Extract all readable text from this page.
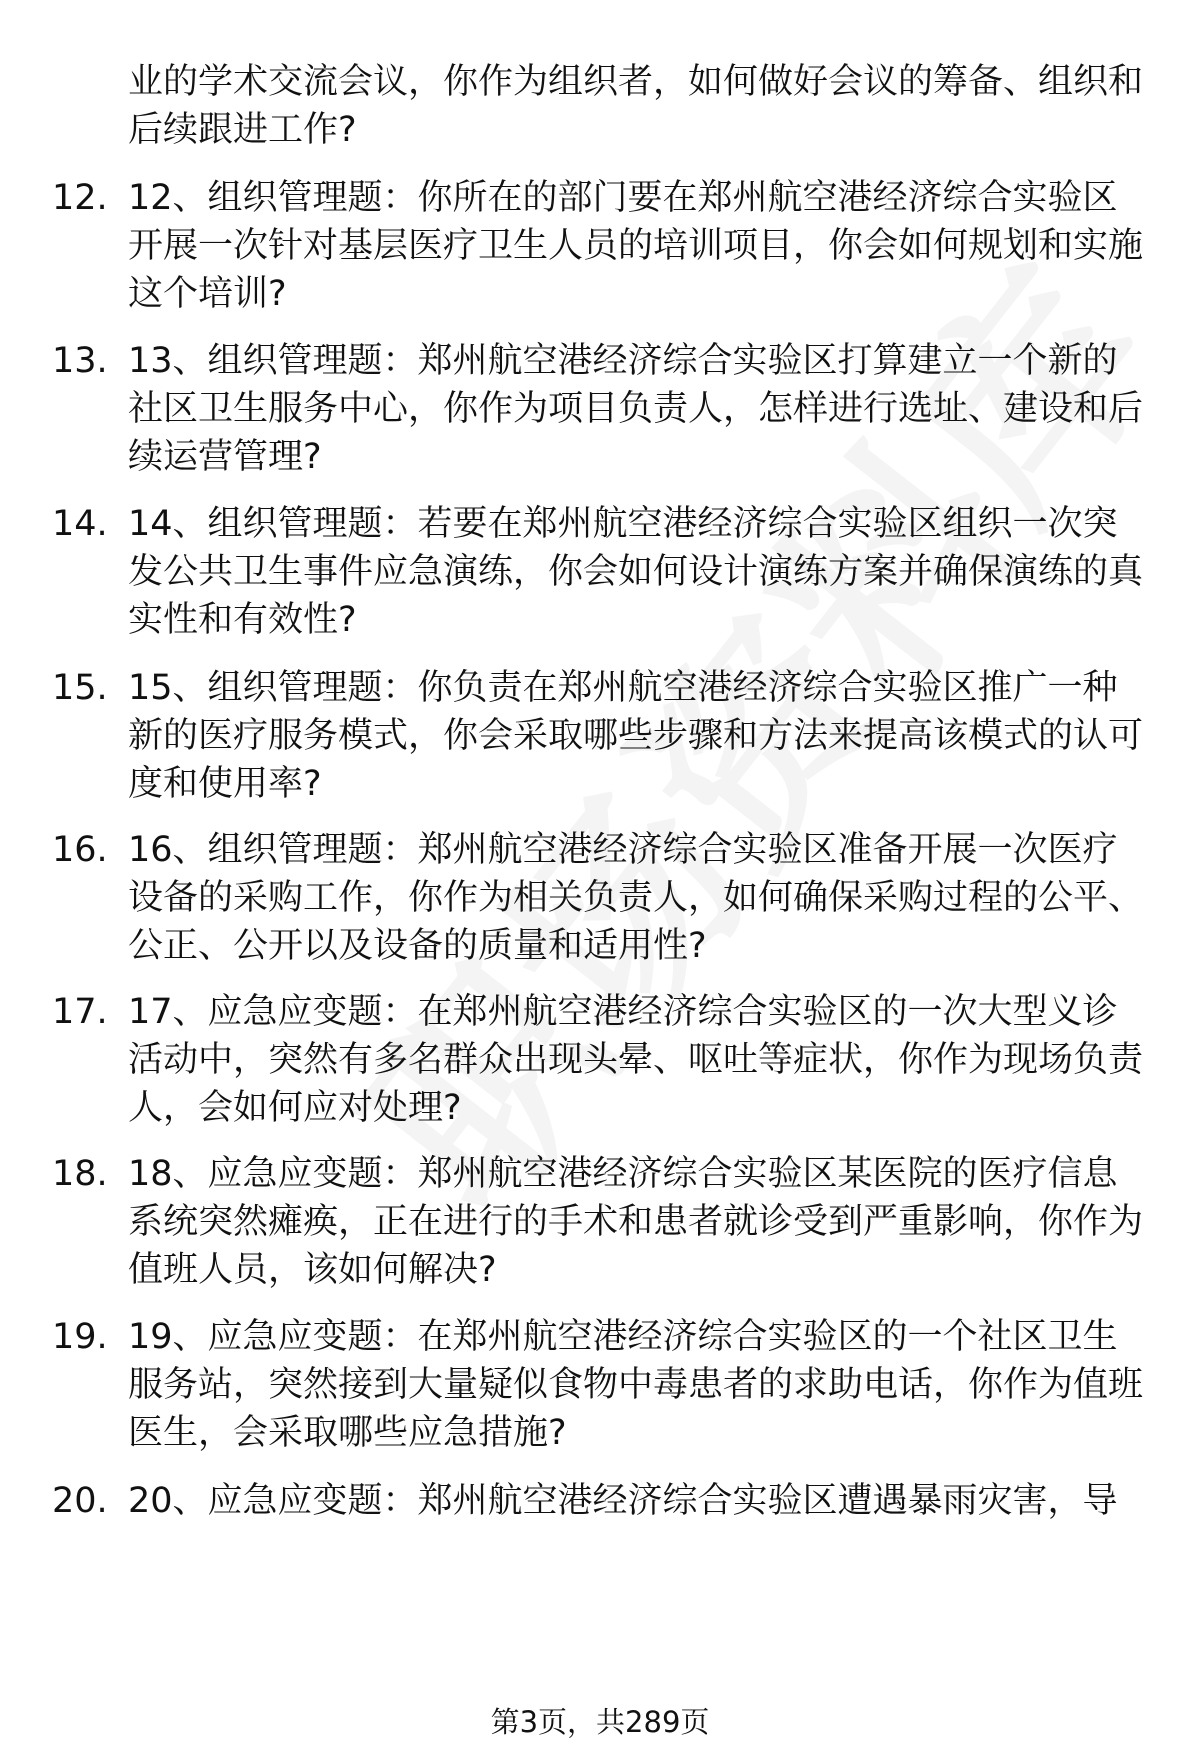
业的学术交流会议，你作为组织者，如何做好会议的筹备、组织和后续跟进工作?

12. 12、组织管理题：你所在的部门要在郑州航空港经济综合实验区开展一次针对基层医疗卫生人员的培训项目，你会如何规划和实施这个培训?

13. 13、组织管理题：郑州航空港经济综合实验区打算建立一个新的社区卫生服务中心，你作为项目负责人，怎样进行选址、建设和后续运营管理?

14. 14、组织管理题：若要在郑州航空港经济综合实验区组织一次突发公共卫生事件应急演练，你会如何设计演练方案并确保演练的真实性和有效性?

15. 15、组织管理题：你负责在郑州航空港经济综合实验区推广一种新的医疗服务模式，你会采取哪些步骤和方法来提高该模式的认可度和使用率?

16. 16、组织管理题：郑州航空港经济综合实验区准备开展一次医疗设备的采购工作，你作为相关负责人，如何确保采购过程的公平、公正、公开以及设备的质量和适用性?

17. 17、应急应变题：在郑州航空港经济综合实验区的一次大型义诊活动中，突然有多名群众出现头晕、呕吐等症状，你作为现场负责人，会如何应对处理?

18. 18、应急应变题：郑州航空港经济综合实验区某医院的医疗信息系统突然瘫痪，正在进行的手术和患者就诊受到严重影响，你作为值班人员，该如何解决?

19. 19、应急应变题：在郑州航空港经济综合实验区的一个社区卫生服务站，突然接到大量疑似食物中毒患者的求助电话，你作为值班医生，会采取哪些应急措施?

20. 20、应急应变题：郑州航空港经济综合实验区遭遇暴雨灾害，导

第3页，共289页
